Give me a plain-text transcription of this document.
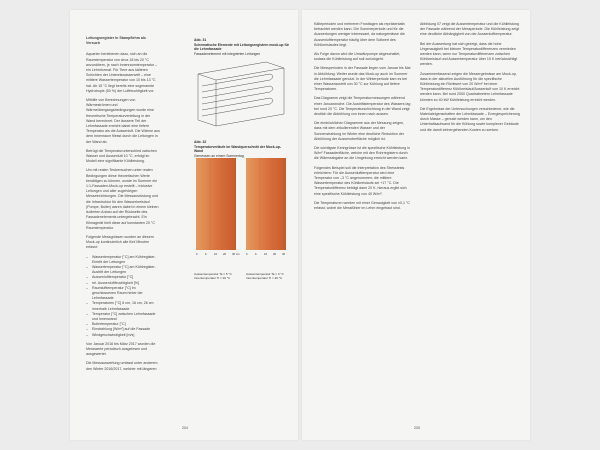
Leitungsregister in Stampflehm als Versuch

Aquarien beriebenen dazu, sich an die Raumtemperatur von circa 18 bis 20 °C anzunähern, je nach Innenraumtemperatur – ein Lehmformat. Für Tiere aus kälteren Schichten der Untereiswasserwelt – eine mittlere Wassertemperatur von 10 bis 13 °C hat. Ab 15 °C liegt bereits eine sogenannte Hydrotropie (50 %) der Luftfeuchtigkeit vor.

Mithilfe von Berechnungen von Wärmeströmen und Wärmeübergangsbedingungen wurde eine theoretische Temperaturverteilung in der Wand berechnet. Der äussere Teil der Lehmfassade erreicht dabei eine tiefere Temperatur als die Aussenluft. Die Wärme aus dem Innenraum fliesst durch die Leitungen in der Wand ab.

Betrügt die Temperaturunterschied zwischen Wasser und Aussenluft 10 °C, erfolgt im Modell eine signifikante Kühlleistung.

Um mit realen Testversuchen unter realen Bedingungen diese theoretischen Werte bestätigen zu können, wurde im Sommer ein 1:1-Fassaden-Mock-up erstellt – inklusive Leitungen und aller zugehörigen Messeinrichtungen. Die Messausrüstung und die Infrastruktur für den Wasserkreislauf (Pumpe, Boiler) waren dabei in einem kleinen isolierten Anbau auf der Rückseite des Fassadenelements untergebracht. Ein Klimagerät hielt diese auf konstanten 20 °C Raumtemperatur.

Folgende Messgrössen wurden an diesem Mock-up kontinuierlich alle fünf Minuten erfasst:

– Wassertemperatur [°C] am Kühlregister-Eintritt der Leitungen
– Wassertemperatur [°C] am Kühlregister-Austritt der Leitungen
– Aussenlufttemperatur [°C]
– rel. Aussenluftfeuchtigkeit [%]
– Raumlufttemperatur [°C] im geschlossenen Raum hinter der Lehmfassade
– Temperaturen [°C] 6 cm, 16 cm, 26 cm innerhalb Lehmfassade
– Temperatur [°C] zwischen Lehmfassade und Innenwand
– Boilertemperatur [°C]
– Einstrahlung [W/m²] auf die Fassade
– Windgeschwindigkeit [m/s]

Von Januar 2016 bis März 2017 wurden die Messwerte periodisch ausgelesen und ausgewertet.

Die Messauswertung umfasst unter anderem den Winter 2016/2017, welcher mit längeren

Abb. 31
Schematische Elemente mit Leitungsregistern mock-up für die Lehmfassade
Fassadenelement mit integrierten Leitungen

Abb. 32
Temperaturverläufe im Wandquerschnitt der Mock-up-Wand
Gemessen an einem Sommertag

0	6	16 26 36	0	6	16 26 36
cm
Aussentemperatur Ta = 5 °C
Innentemperatur Ti = 20 °C
Aussentemperatur Ta = 0 °C
Innentemperatur Ti = 20 °C
204

Kälteperioden und mehreren Frosttagen als repräsentativ betrachtet werden kann. Die Sommerperiode und für die Auswertungen weniger interessant, da naturgemässe die Aussenlufttemperatur häufig über dem Sollwert des Kühlkreislaufes liegt.

Als Folge davon wird die Umwälzpumpe abgeschaltet, sodass die Kühlleistung auf null zurückgeht.

Die Messperioden in der Fassade liegen vom Januar bis Mai in Abkühlung. Weiter wurde das Mock-up auch im Sommer die Lehmfassade genutzt. In der Winterperiode kam es bei einer Wasseraustritt von 30 °C zur Kühlung auf tiefere Temperaturen.

Das Diagramm zeigt die Temperaturmessungen während einer Januarwoche. Die Austrittstemperatur des Wassers lag bei rund 20 °C. Die Temperaturschichtung in der Wand zeigt deutlich die Abkühlung von innen nach aussen.

Die eindrücklichen Diagramme aus der Messung zeigen, dass mit dem zirkulierenden Wasser und der Sonnenstrahlung im Winter eine deutliche Reduktion der Abkühlung der Aussenoberfläche möglich ist.

Die wichtigste Kenngrösse ist die spezifische Kühlleistung in W/m² Fassadenfläche, welche mit den Rohrregistern durch die Wärmeabgabe an die Umgebung erreicht werden kann.

Folgendes Beispiel soll die Interpretation des Stresstests erleichtern: Für die Aussenlufttemperatur wird eine Temperatur von –3 °C angenommen; die mittlere Wassertemperatur des Kühlkreislaufs sei +17 °C. Die Temperaturdifferenz beträgt dann 20 K, hieraus ergibt sich eine spezifische Kühlleistung von 40 W/m².

Die Temperaturen werden mit einer Genauigkeit von ±0,1 °C erfasst, wobei die Messfühler im Lehm eingebaut sind.

Abbildung 07 zeigt die Aussentemperatur und die Kühlleistung der Fassade während der Messperiode. Die Kühlleistung zeigt eine deutliche Abhängigkeit von der Aussenlufttemperatur.

Bei der Auswertung hat sich gezeigt, dass die hohe Ungenauigkeit bei kleinen Temperaturdifferenzen vermieden werden kann, wenn nur Temperaturdifferenzen zwischen Kühlkreislauf und Aussentemperatur über 15 K berücksichtigt werden.

Zusammenfassend zeigen die Messergebnisse am Mock-up, dass in der aktuellen Ausführung für die spezifische Kühlleistung ein Richtwert von 20 W/m² bei einer Temperaturdifferenz Kühlkreislauf/Aussenluft von 10 K erreicht werden kann. Bei rund 2000 Quadratmetern Lehmfassade könnten so 40 kW Kühlleistung erreicht werden.

Die Ergebnisse der Untersuchungen verschiedener, wie die Materialeigenschaften der Lehmfassade – Energiespeicherung durch Masse – genutzt werden kann, um den Unterhaltsaufwand für die Kühlung sowie komplexer Gebäude und die damit einhergehenden Kosten zu senken.

205
